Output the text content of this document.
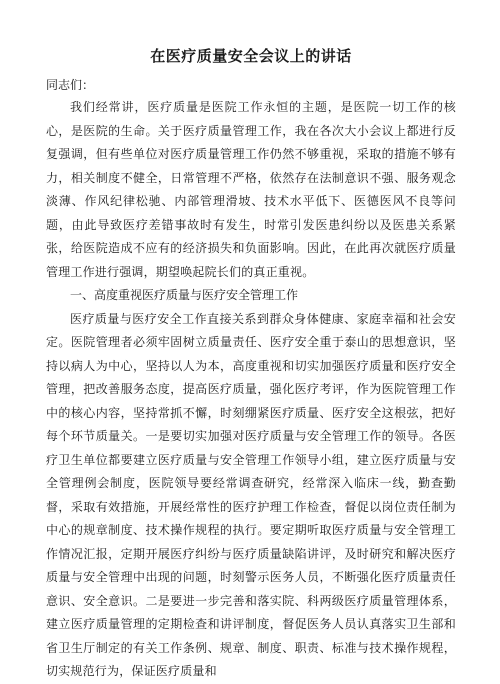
在医疗质量安全会议上的讲话

同志们：

我们经常讲，医疗质量是医院工作永恒的主题，是医院一切工作的核心，是医院的生命。关于医疗质量管理工作，我在各次大小会议上都进行反复强调，但有些单位对医疗质量管理工作仍然不够重视，采取的措施不够有力，相关制度不健全，日常管理不严格，依然存在法制意识不强、服务观念淡薄、作风纪律松驰、内部管理滑坡、技术水平低下、医德医风不良等问题，由此导致医疗差错事故时有发生，时常引发医患纠纷以及医患关系紧张，给医院造成不应有的经济损失和负面影响。因此，在此再次就医疗质量管理工作进行强调，期望唤起院长们的真正重视。

一、高度重视医疗质量与医疗安全管理工作

医疗质量与医疗安全工作直接关系到群众身体健康、家庭幸福和社会安定。医院管理者必须牢固树立质量责任、医疗安全重于泰山的思想意识，坚持以病人为中心，坚持以人为本，高度重视和切实加强医疗质量和医疗安全管理，把改善服务态度，提高医疗质量，强化医疗考评，作为医院管理工作中的核心内容，坚持常抓不懈，时刻绷紧医疗质量、医疗安全这根弦，把好每个环节质量关。一是要切实加强对医疗质量与安全管理工作的领导。各医疗卫生单位都要建立医疗质量与安全管理工作领导小组，建立医疗质量与安全管理例会制度，医院领导要经常调查研究，经常深入临床一线，勤查勤督，采取有效措施，开展经常性的医疗护理工作检查，督促以岗位责任制为中心的规章制度、技术操作规程的执行。要定期听取医疗质量与安全管理工作情况汇报，定期开展医疗纠纷与医疗质量缺陷讲评，及时研究和解决医疗质量与安全管理中出现的问题，时刻警示医务人员，不断强化医疗质量责任意识、安全意识。二是要进一步完善和落实院、科两级医疗质量管理体系，建立医疗质量管理的定期检查和讲评制度，督促医务人员认真落实卫生部和省卫生厅制定的有关工作条例、规章、制度、职责、标准与技术操作规程，切实规范行为，保证医疗质量和
